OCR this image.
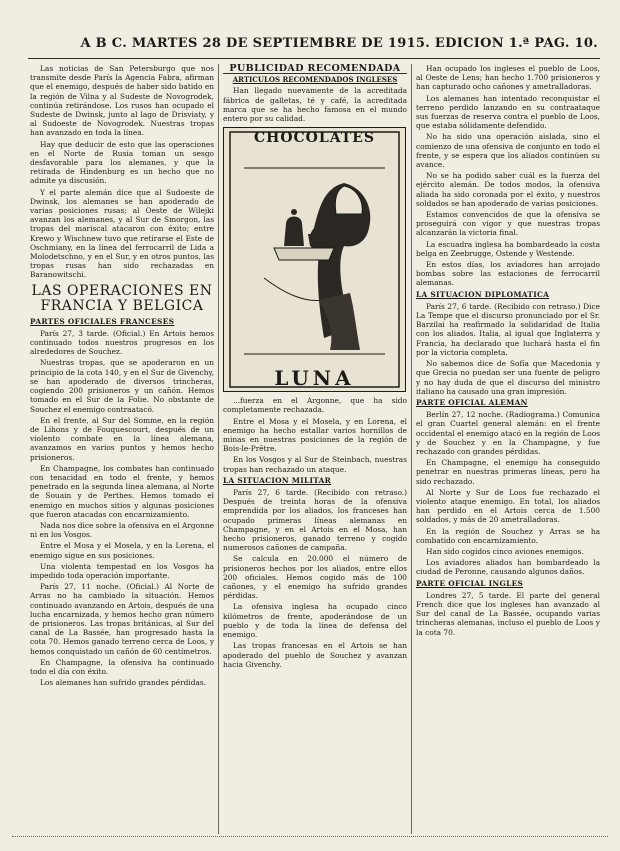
A B C. MARTES 28 DE SEPTIEMBRE DE 1915. EDICION 1.ª PAG. 10.

Las noticias de San Petersburgo que nos transmite desde París la Agencia Fabra, afirman que el enemigo, después de haber sido batido en la región de Vilna y al Sudeste de Novogrodek, continúa retirándose. Los rusos han ocupado el Sudeste de Dwinsk, junto al lago de Drisviaty, y al Sudoeste de Novogrodek. Nuestras tropas han avanzado en toda la línea.

Hay que deducir de esto que las operaciones en el Norte de Rusia toman un sesgo desfavorable para los alemanes, y que la retirada de Hindenburg es un hecho que no admite ya discusión.

Y el parte alemán dice que al Sudoeste de Dwinsk, los alemanes se han apoderado de varias posiciones rusas; al Oeste de Wilejki avanzan los alemanes, y al Sur de Smorgon, las tropas del mariscal atacaron con éxito; entre Krewo y Wischnew tuvo que retirarse el Este de Oschmiany, en la línea del ferrocarril de Lida a Molodetschno, y en el Sur, y en otros puntos, las tropas rusas han sido rechazadas en Baranowitschi.

LAS OPERACIONES EN FRANCIA Y BELGICA
PARTES OFICIALES FRANCESES

París 27, 3 tarde. (Oficial.) En Artois hemos continuado todos nuestros progresos en los alrededores de Souchez.

Nuestras tropas, que se apoderaron en un principio de la cota 140, y en el Sur de Givenchy, se han apoderado de diversos trincheras, cogiendo 200 prisioneros y un cañón. Hemos tomado en el Sur de la Folie. No obstante de Souchez el enemigo contraatacó.

En el frente, al Sur del Somme, en la región de Lihons y de Fouquescourt, después de un violento combate en la línea alemana, avanzamos en varios puntos y hemos hecho prisioneros.

En Champagne, los combates han continuado con tenacidad en todo el frente, y hemos penetrado en la segunda línea alemana, al Norte de Souain y de Perthes. Hemos tomado el enemigo en muchos sitios y algunas posiciones que fueron atacadas con encarnizamiento.

Nada nos dice sobre la ofensiva en el Argonne ni en los Vosgos.

Entre el Mosa y el Mosela, y en la Lorena, el enemigo sigue en sus posiciones.

Una violenta tempestad en los Vosgos ha impedido toda operación importante.

París 27, 11 noche. (Oficial.) Al Norte de Arras no ha cambiado la situación. Hemos continuado avanzando en Artois, después de una lucha encarnizada, y hemos hecho gran número de prisioneros. Las tropas británicas, al Sur del canal de La Bassée, han progresado hasta la cota 70. Hemos ganado terreno cerca de Loos, y hemos conquistado un cañón de 60 centímetros.

En Champagne, la ofensiva ha continuado todo el día con éxito.

Los alemanes han sufrido grandes pérdidas.

PUBLICIDAD RECOMENDADA
ARTICULOS RECOMENDADOS INGLESES

Han llegado nuevamente de la acreditada fábrica de galletas, té y café, la acreditada marca que se ha hecho famosa en el mundo entero por su calidad.

CHOCOLATES
LUNA

...fuerza en el Argonne, que ha sido completamente rechazada.

Entre el Mosa y el Mosela, y en Lorena, el enemigo ha hecho estallar varios hornillos de minas en nuestras posiciones de la región de Bois-le-Prêtre.

En los Vosgos y al Sur de Steinbach, nuestras tropas han rechazado un ataque.

LA SITUACION MILITAR

París 27, 6 tarde. (Recibido con retraso.) Después de treinta horas de la ofensiva emprendida por los aliados, los franceses han ocupado primeras líneas alemanas en Champagne, y en el Artois en el Mosa, han hecho prisioneros, ganado terreno y cogido numerosos cañones de campaña.

Se calcula en 20.000 el número de prisioneros hechos por los aliados, entre ellos 200 oficiales. Hemos cogido más de 100 cañones, y el enemigo ha sufrido grandes pérdidas.

La ofensiva inglesa ha ocupado cinco kilómetros de frente, apoderándose de un pueblo y de toda la línea de defensa del enemigo.

Las tropas francesas en el Artois se han apoderado del pueblo de Souchez y avanzan hacia Givenchy.

Han ocupado los ingleses el pueblo de Loos, al Oeste de Lens; han hecho 1.700 prisioneros y han capturado ocho cañones y ametralladoras.

Los alemanes han intentado reconquistar el terreno perdido lanzando en su contraataque sus fuerzas de reserva contra el pueblo de Loos, que estaba sólidamente defendido.

No ha sido una operación aislada, sino el comienzo de una ofensiva de conjunto en todo el frente, y se espera que los aliados continúen su avance.

No se ha podido saber cuál es la fuerza del ejército alemán. De todos modos, la ofensiva aliada ha sido coronada por el éxito, y nuestros soldados se han apoderado de varias posiciones.

Estamos convencidos de que la ofensiva se proseguirá con vigor y que nuestras tropas alcanzarán la victoria final.

La escuadra inglesa ha bombardeado la costa belga en Zeebrugge, Ostende y Westende.

En estos días, los aviadores han arrojado bombas sobre las estaciones de ferrocarril alemanas.

LA SITUACION DIPLOMATICA

París 27, 6 tarde. (Recibido con retraso.) Dice La Tempe que el discurso pronunciado por el Sr. Barzilai ha reafirmado la solidaridad de Italia con los aliados. Italia, al igual que Inglaterra y Francia, ha declarado que luchará hasta el fin por la victoria completa.

No sabemos dice de Sofía que Macedonia y que Grecia no puedan ser una fuente de peligro y no hay duda de que el discurso del ministro italiano ha causado una gran impresión.

PARTE OFICIAL ALEMAN

Berlín 27, 12 noche. (Radiograma.) Comunica el gran Cuartel general alemán: en el frente occidental el enemigo atacó en la región de Loos y de Souchez y en la Champagne, y fue rechazado con grandes pérdidas.

En Champagne, el enemigo ha conseguido penetrar en nuestras primeras líneas, pero ha sido rechazado.

Al Norte y Sur de Loos fue rechazado el violento ataque enemigo. En total, los aliados han perdido en el Artois cerca de 1.500 soldados, y más de 20 ametralladoras.

En la región de Souchez y Arras se ha combatido con encarnizamiento.

Han sido cogidos cinco aviones enemigos.

Los aviadores aliados han bombardeado la ciudad de Peronne, causando algunos daños.

PARTE OFICIAL INGLES

Londres 27, 5 tarde. El parte del general French dice que los ingleses han avanzado al Sur del canal de La Bassée, ocupando varias trincheras alemanas, incluso el pueblo de Loos y la cota 70.
